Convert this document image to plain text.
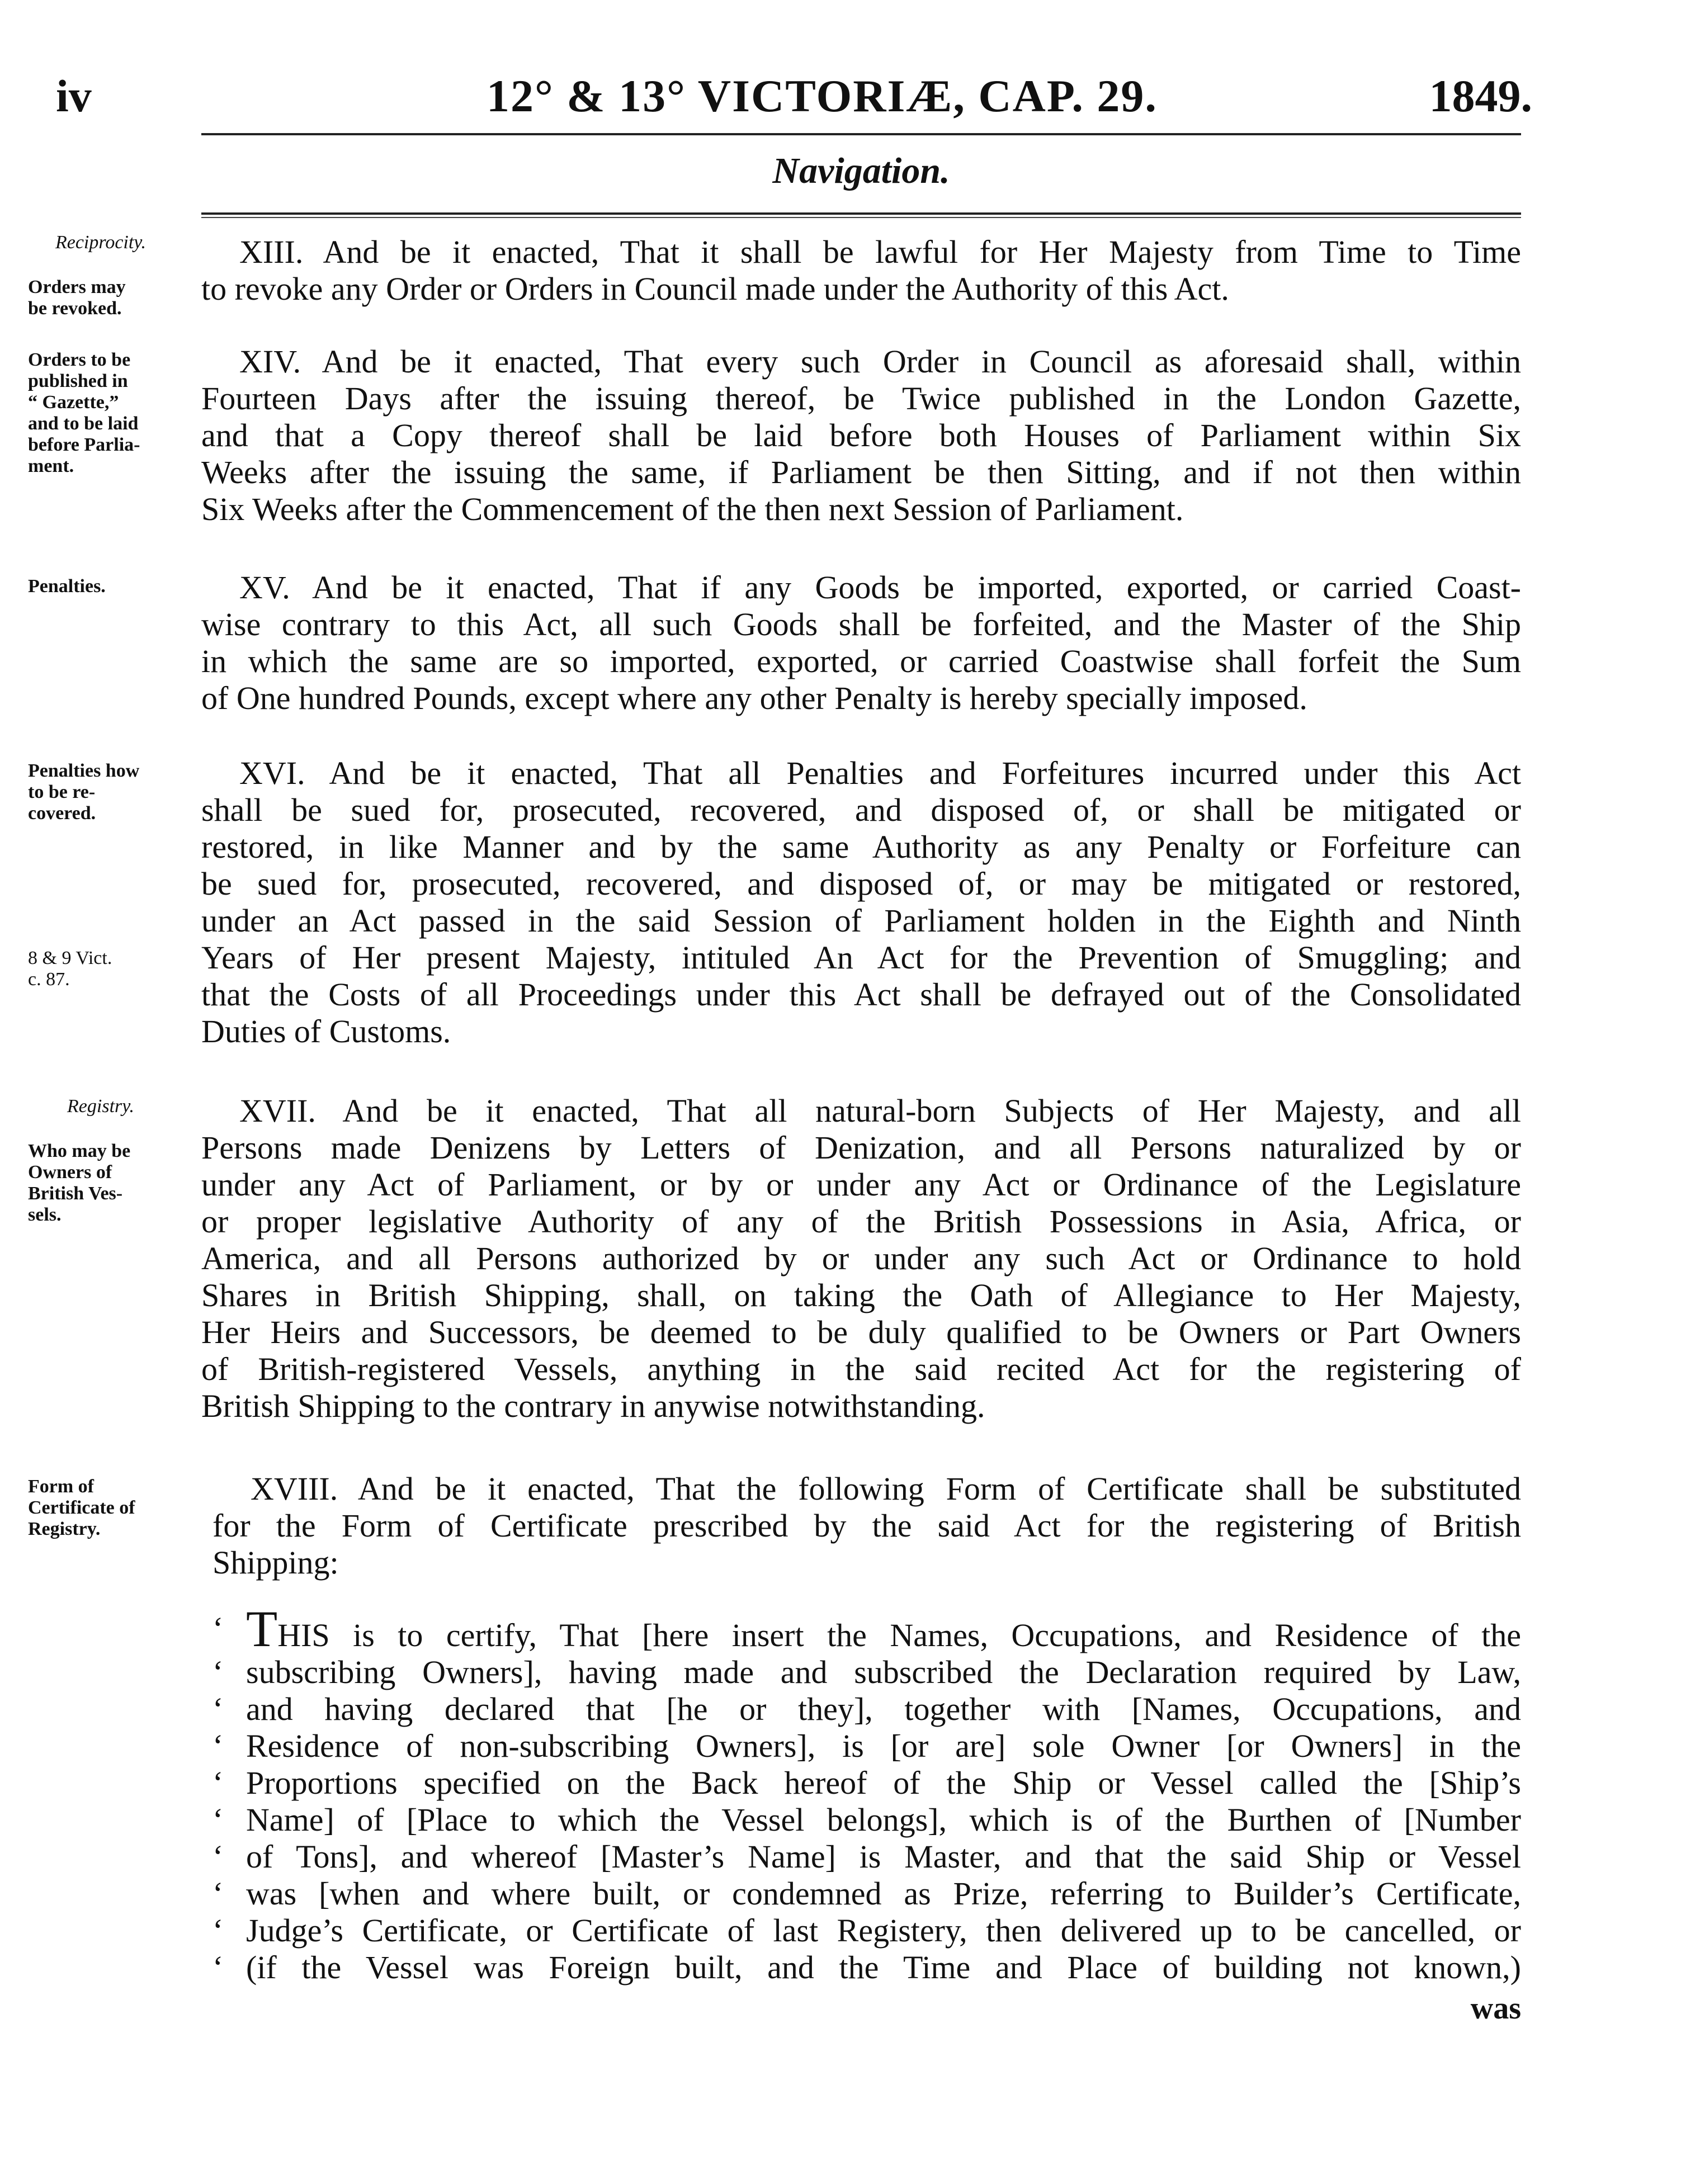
iv	12° & 13° VICTORIÆ, CAP. 29.	1849.
Navigation.
Reciprocity.
Orders may
be revoked.
Orders to be
published in
“ Gazette,”
and to be laid
before Parlia-
ment.
Penalties.
Penalties how
to be re-
covered.
8 & 9 Vict.
c. 87.
Registry.
Who may be
Owners of
British Ves-
sels.
Form of
Certificate of
Registry.
XIII. And be it enacted, That it shall be lawful for Her Majesty from Time to Time
to revoke any Order or Orders in Council made under the Authority of this Act.
XIV. And be it enacted, That every such Order in Council as aforesaid shall, within
Fourteen Days after the issuing thereof, be Twice published in the London Gazette,
and that a Copy thereof shall be laid before both Houses of Parliament within Six
Weeks after the issuing the same, if Parliament be then Sitting, and if not then within
Six Weeks after the Commencement of the then next Session of Parliament.
XV. And be it enacted, That if any Goods be imported, exported, or carried Coast-
wise contrary to this Act, all such Goods shall be forfeited, and the Master of the Ship
in which the same are so imported, exported, or carried Coastwise shall forfeit the Sum
of One hundred Pounds, except where any other Penalty is hereby specially imposed.
XVI. And be it enacted, That all Penalties and Forfeitures incurred under this Act
shall be sued for, prosecuted, recovered, and disposed of, or shall be mitigated or
restored, in like Manner and by the same Authority as any Penalty or Forfeiture can
be sued for, prosecuted, recovered, and disposed of, or may be mitigated or restored,
under an Act passed in the said Session of Parliament holden in the Eighth and Ninth
Years of Her present Majesty, intituled An Act for the Prevention of Smuggling; and
that the Costs of all Proceedings under this Act shall be defrayed out of the Consolidated
Duties of Customs.
XVII. And be it enacted, That all natural-born Subjects of Her Majesty, and all
Persons made Denizens by Letters of Denization, and all Persons naturalized by or
under any Act of Parliament, or by or under any Act or Ordinance of the Legislature
or proper legislative Authority of any of the British Possessions in Asia, Africa, or
America, and all Persons authorized by or under any such Act or Ordinance to hold
Shares in British Shipping, shall, on taking the Oath of Allegiance to Her Majesty,
Her Heirs and Successors, be deemed to be duly qualified to be Owners or Part Owners
of British-registered Vessels, anything in the said recited Act for the registering of
British Shipping to the contrary in anywise notwithstanding.
XVIII. And be it enacted, That the following Form of Certificate shall be substituted
for the Form of Certificate prescribed by the said Act for the registering of British
Shipping:
‘ THIS is to certify, That [here insert the Names, Occupations, and Residence of the
‘ subscribing Owners], having made and subscribed the Declaration required by Law,
‘ and having declared that [he or they], together with [Names, Occupations, and
‘ Residence of non-subscribing Owners], is [or are] sole Owner [or Owners] in the
‘ Proportions specified on the Back hereof of the Ship or Vessel called the [Ship’s
‘ Name] of [Place to which the Vessel belongs], which is of the Burthen of [Number
‘ of Tons], and whereof [Master’s Name] is Master, and that the said Ship or Vessel
‘ was [when and where built, or condemned as Prize, referring to Builder’s Certificate,
‘ Judge’s Certificate, or Certificate of last Registery, then delivered up to be cancelled, or
‘ (if the Vessel was Foreign built, and the Time and Place of building not known,)
was
